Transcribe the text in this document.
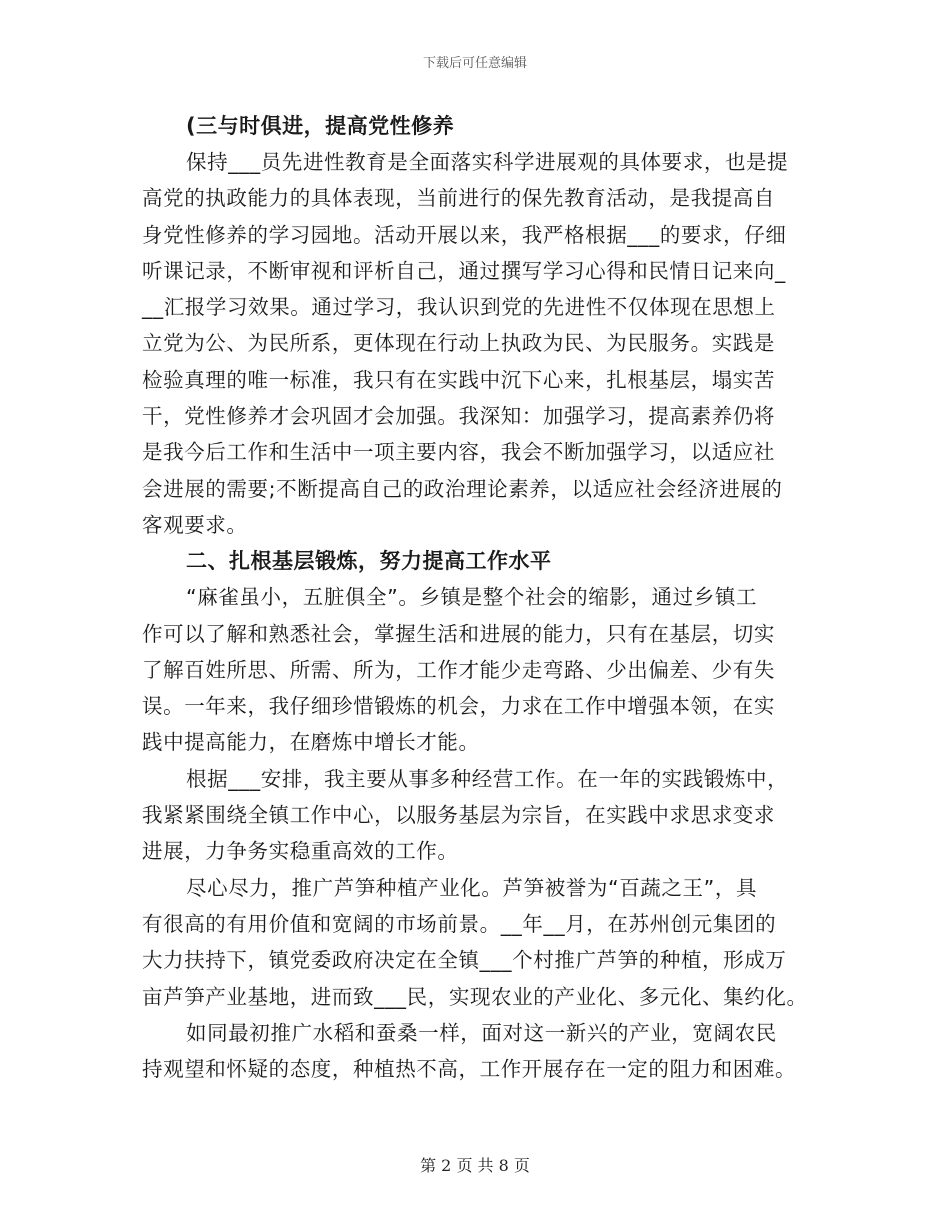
下载后可任意编辑
(三与时俱进，提高党性修养
保持___员先进性教育是全面落实科学进展观的具体要求，也是提
高党的执政能力的具体表现，当前进行的保先教育活动，是我提高自
身党性修养的学习园地。活动开展以来，我严格根据___的要求，仔细
听课记录，不断审视和评析自己，通过撰写学习心得和民情日记来向_
__汇报学习效果。通过学习，我认识到党的先进性不仅体现在思想上
立党为公、为民所系，更体现在行动上执政为民、为民服务。实践是
检验真理的唯一标准，我只有在实践中沉下心来，扎根基层，塌实苦
干，党性修养才会巩固才会加强。我深知：加强学习，提高素养仍将
是我今后工作和生活中一项主要内容，我会不断加强学习，以适应社
会进展的需要;不断提高自己的政治理论素养，以适应社会经济进展的
客观要求。
二、扎根基层锻炼，努力提高工作水平
“麻雀虽小，五脏俱全”。乡镇是整个社会的缩影，通过乡镇工
作可以了解和熟悉社会，掌握生活和进展的能力，只有在基层，切实
了解百姓所思、所需、所为，工作才能少走弯路、少出偏差、少有失
误。一年来，我仔细珍惜锻炼的机会，力求在工作中增强本领，在实
践中提高能力，在磨炼中增长才能。
根据___安排，我主要从事多种经营工作。在一年的实践锻炼中，
我紧紧围绕全镇工作中心，以服务基层为宗旨，在实践中求思求变求
进展，力争务实稳重高效的工作。
尽心尽力，推广芦笋种植产业化。芦笋被誉为“百蔬之王”，具
有很高的有用价值和宽阔的市场前景。__年__月，在苏州创元集团的
大力扶持下，镇党委政府决定在全镇___个村推广芦笋的种植，形成万
亩芦笋产业基地，进而致___民，实现农业的产业化、多元化、集约化。
如同最初推广水稻和蚕桑一样，面对这一新兴的产业，宽阔农民
持观望和怀疑的态度，种植热不高，工作开展存在一定的阻力和困难。
第 2 页 共 8 页
